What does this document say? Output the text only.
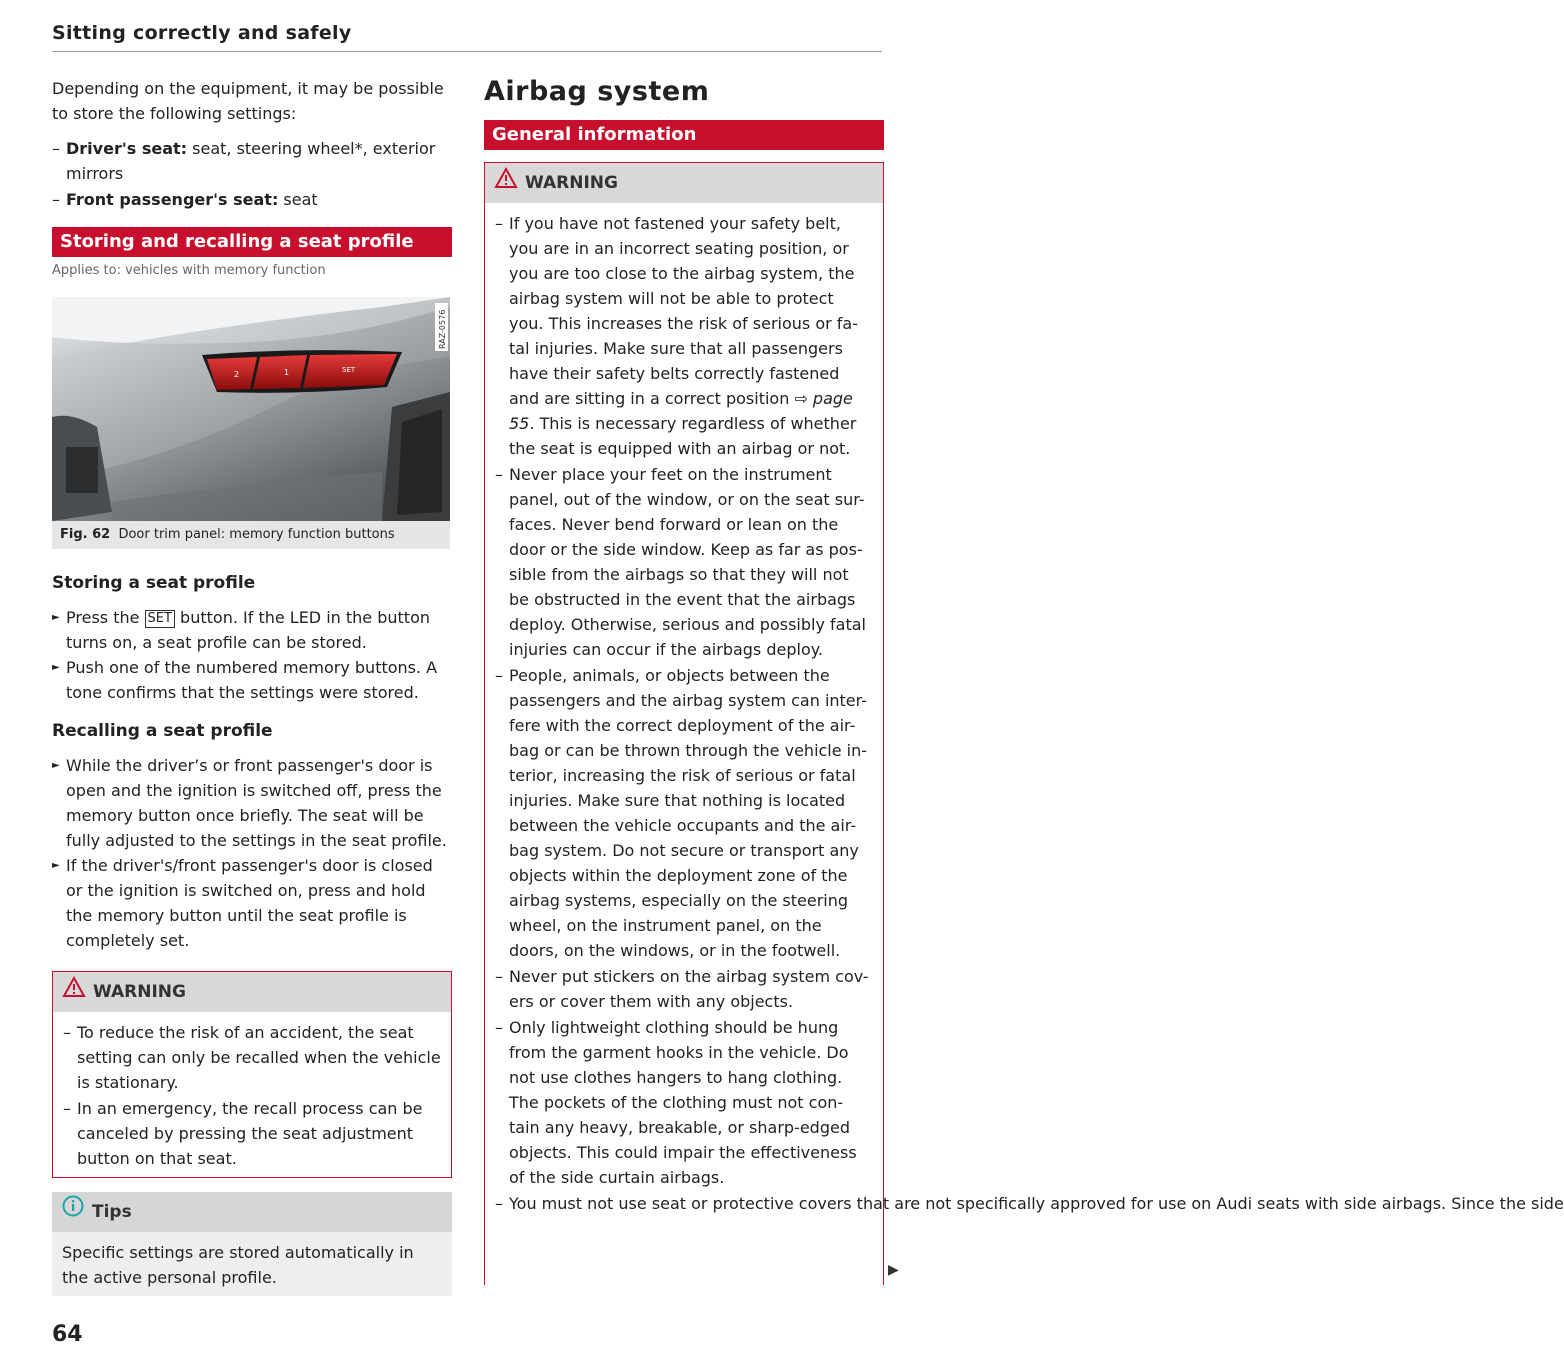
Sitting correctly and safely

Depending on the equipment, it may be possible to store the following settings:

– Driver's seat: seat, steering wheel*, exterior mirrors

– Front passenger's seat: seat

Storing and recalling a seat profile
Applies to: vehicles with memory function
2	1	SET
RAZ-0576
Fig. 62 Door trim panel: memory function buttons
Storing a seat profile

► Press the SET button. If the LED in the button turns on, a seat profile can be stored.

► Push one of the numbered memory buttons. A tone confirms that the settings were stored.

Recalling a seat profile

► While the driver’s or front passenger's door is open and the ignition is switched off, press the memory button once briefly. The seat will be fully adjusted to the settings in the seat profile.

► If the driver's/front passenger's door is closed or the ignition is switched on, press and hold the memory button until the seat profile is completely set.

WARNING

– To reduce the risk of an accident, the seat setting can only be recalled when the vehicle is stationary.

– In an emergency, the recall process can be canceled by pressing the seat adjustment button on that seat.

Tips

Specific settings are stored automatically in the active personal profile.

Airbag system
General information
WARNING

– If you have not fastened your safety belt, you are in an incorrect seating position, or you are too close to the airbag system, the airbag system will not be able to protect you. This increases the risk of serious or fa-tal injuries. Make sure that all passengers have their safety belts correctly fastened and are sitting in a correct position ⇨ page 55. This is necessary regardless of whether the seat is equipped with an airbag or not.

– Never place your feet on the instrument panel, out of the window, or on the seat sur-faces. Never bend forward or lean on the door or the side window. Keep as far as pos-sible from the airbags so that they will not be obstructed in the event that the airbags deploy. Otherwise, serious and possibly fatal injuries can occur if the airbags deploy.

– People, animals, or objects between the passengers and the airbag system can inter-fere with the correct deployment of the air-bag or can be thrown through the vehicle in-terior, increasing the risk of serious or fatal injuries. Make sure that nothing is located between the vehicle occupants and the air-bag system. Do not secure or transport any objects within the deployment zone of the airbag systems, especially on the steering wheel, on the instrument panel, on the doors, on the windows, or in the footwell.

– Never put stickers on the airbag system cov-ers or cover them with any objects.

– Only lightweight clothing should be hung from the garment hooks in the vehicle. Do not use clothes hangers to hang clothing. The pockets of the clothing must not con-tain any heavy, breakable, or sharp-edged objects. This could impair the effectiveness of the side curtain airbags.

– You must not use seat or protective covers that are not specifically approved for use on Audi seats with side airbags. Since the side

▶
64
